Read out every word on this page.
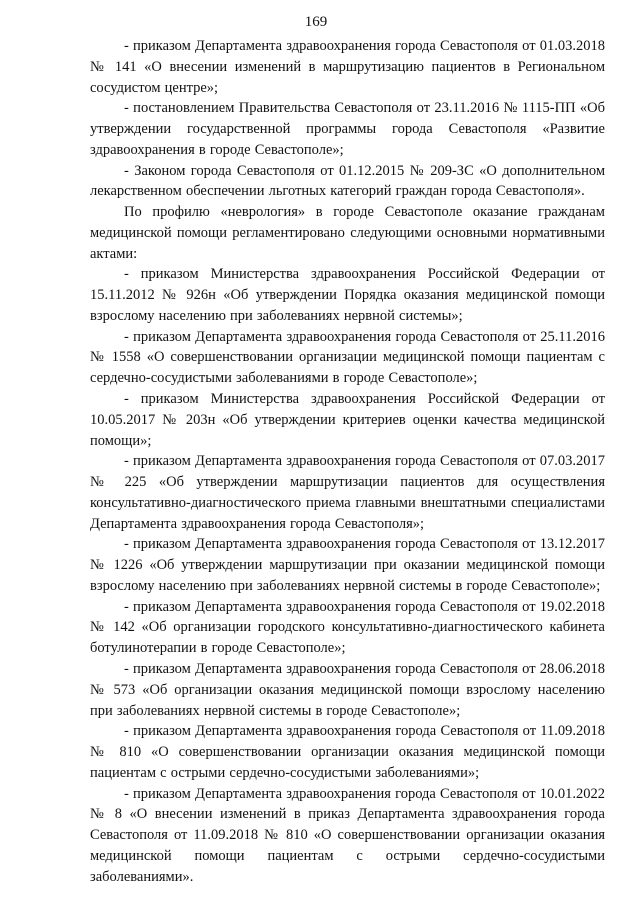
169

- приказом Департамента здравоохранения города Севастополя от 01.03.2018 № 141 «О внесении изменений в маршрутизацию пациентов в Региональном сосудистом центре»;

- постановлением Правительства Севастополя от 23.11.2016 № 1115-ПП «Об утверждении государственной программы города Севастополя «Развитие здравоохранения в городе Севастополе»;

- Законом города Севастополя от 01.12.2015 № 209-ЗС «О дополнительном лекарственном обеспечении льготных категорий граждан города Севастополя».

По профилю «неврология» в городе Севастополе оказание гражданам медицинской помощи регламентировано следующими основными нормативными актами:

- приказом Министерства здравоохранения Российской Федерации от 15.11.2012 № 926н «Об утверждении Порядка оказания медицинской помощи взрослому населению при заболеваниях нервной системы»;

- приказом Департамента здравоохранения города Севастополя от 25.11.2016 № 1558 «О совершенствовании организации медицинской помощи пациентам с сердечно-сосудистыми заболеваниями в городе Севастополе»;

- приказом Министерства здравоохранения Российской Федерации от 10.05.2017 № 203н «Об утверждении критериев оценки качества медицинской помощи»;

- приказом Департамента здравоохранения города Севастополя от 07.03.2017 № 225 «Об утверждении маршрутизации пациентов для осуществления консультативно-диагностического приема главными внештатными специалистами Департамента здравоохранения города Севастополя»;

- приказом Департамента здравоохранения города Севастополя от 13.12.2017 № 1226 «Об утверждении маршрутизации при оказании медицинской помощи взрослому населению при заболеваниях нервной системы в городе Севастополе»;

- приказом Департамента здравоохранения города Севастополя от 19.02.2018 № 142 «Об организации городского консультативно-диагностического кабинета ботулинотерапии в городе Севастополе»;

- приказом Департамента здравоохранения города Севастополя от 28.06.2018 № 573 «Об организации оказания медицинской помощи взрослому населению при заболеваниях нервной системы в городе Севастополе»;

- приказом Департамента здравоохранения города Севастополя от 11.09.2018 № 810 «О совершенствовании организации оказания медицинской помощи пациентам с острыми сердечно-сосудистыми заболеваниями»;

- приказом Департамента здравоохранения города Севастополя от 10.01.2022 № 8 «О внесении изменений в приказ Департамента здравоохранения города Севастополя от 11.09.2018 № 810 «О совершенствовании организации оказания медицинской помощи пациентам с острыми сердечно-сосудистыми заболеваниями».
